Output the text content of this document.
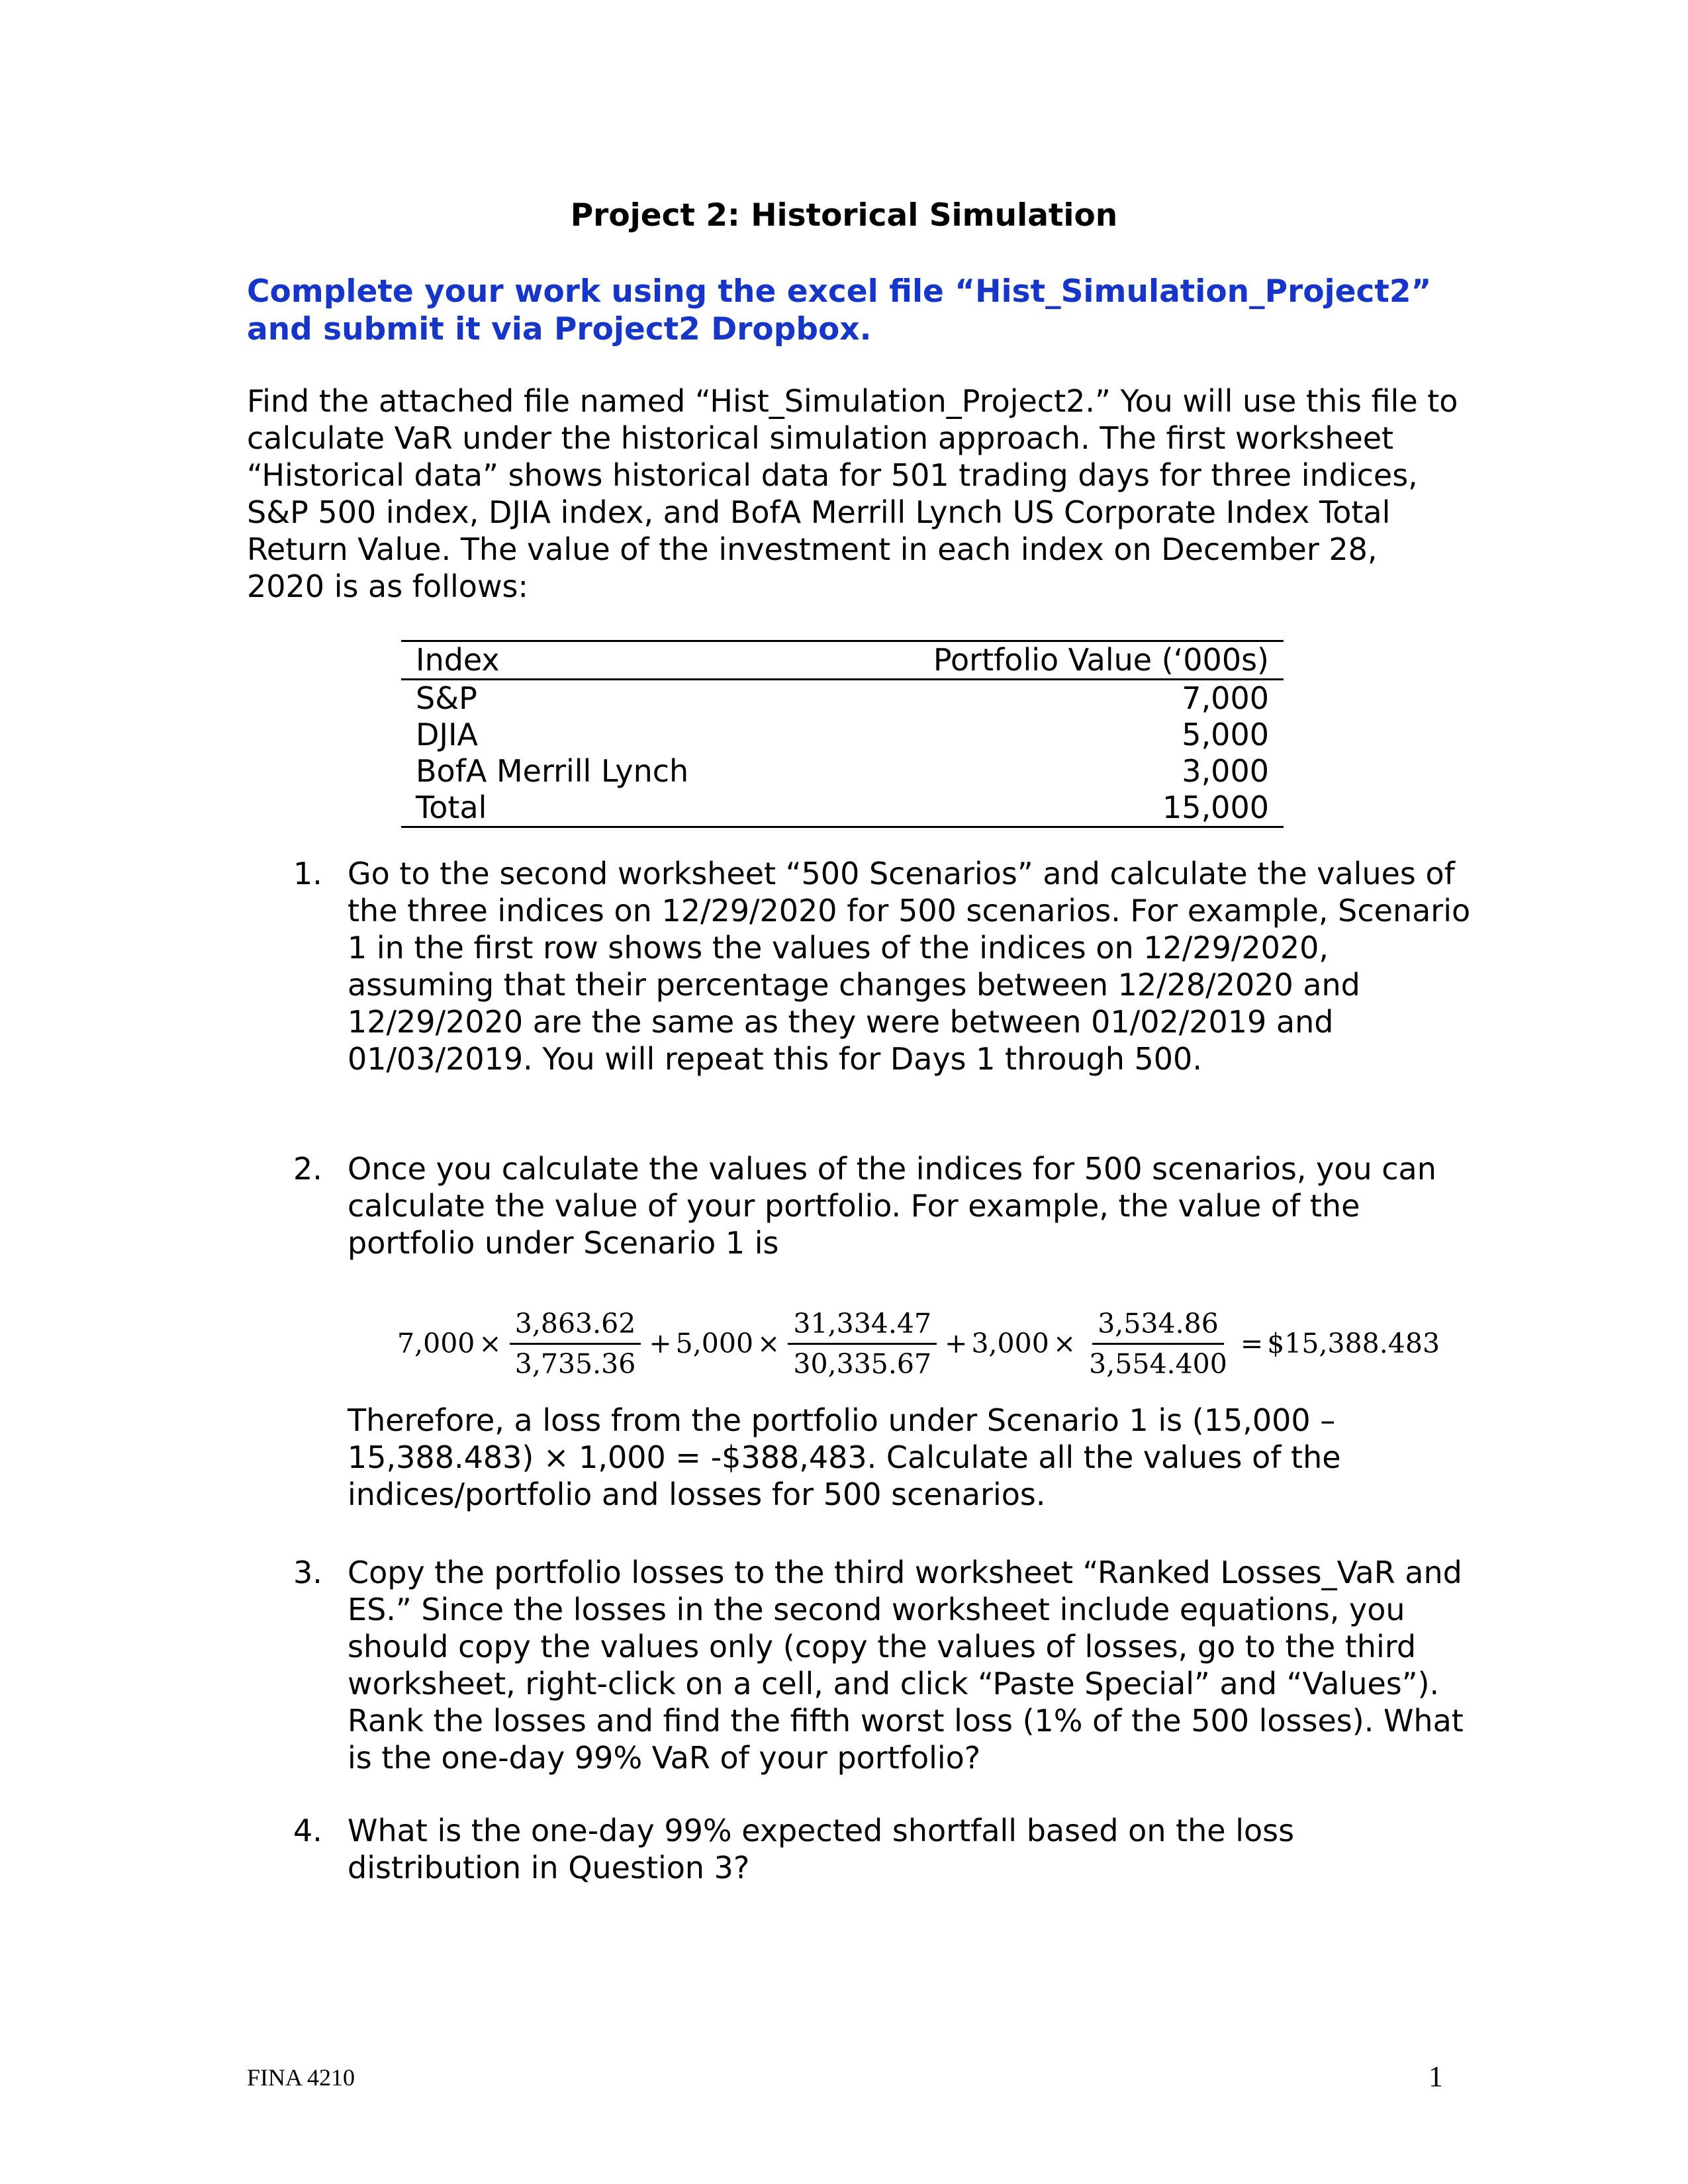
Project 2: Historical Simulation
Complete your work using the excel file “Hist_Simulation_Project2” and submit it via Project2 Dropbox.
Find the attached file named “Hist_Simulation_Project2.” You will use this file to calculate VaR under the historical simulation approach. The first worksheet “Historical data” shows historical data for 501 trading days for three indices, S&P 500 index, DJIA index, and BofA Merrill Lynch US Corporate Index Total Return Value. The value of the investment in each index on December 28, 2020 is as follows:
Index	Portfolio Value (‘000s)
S&P	7,000
DJIA	5,000
BofA Merrill Lynch	3,000
Total	15,000
1. Go to the second worksheet “500 Scenarios” and calculate the values of the three indices on 12/29/2020 for 500 scenarios. For example, Scenario 1 in the first row shows the values of the indices on 12/29/2020, assuming that their percentage changes between 12/28/2020 and 12/29/2020 are the same as they were between 01/02/2019 and 01/03/2019. You will repeat this for Days 1 through 500.
2. Once you calculate the values of the indices for 500 scenarios, you can calculate the value of your portfolio. For example, the value of the portfolio under Scenario 1 is
$7,000 \times \frac{3,863.62}{3,735.36} + 5,000 \times \frac{31,334.47}{30,335.67} + 3,000 \times \frac{3,534.86}{3,554.400}$ = $15,388.483
Therefore, a loss from the portfolio under Scenario 1 is (15,000 – 15,388.483) × 1,000 = -$388,483. Calculate all the values of the indices/portfolio and losses for 500 scenarios.
3. Copy the portfolio losses to the third worksheet “Ranked Losses_VaR and ES.” Since the losses in the second worksheet include equations, you should copy the values only (copy the values of losses, go to the third worksheet, right-click on a cell, and click “Paste Special” and “Values”). Rank the losses and find the fifth worst loss (1% of the 500 losses). What is the one-day 99% VaR of your portfolio?
4. What is the one-day 99% expected shortfall based on the loss distribution in Question 3?
FINA 4210	1
